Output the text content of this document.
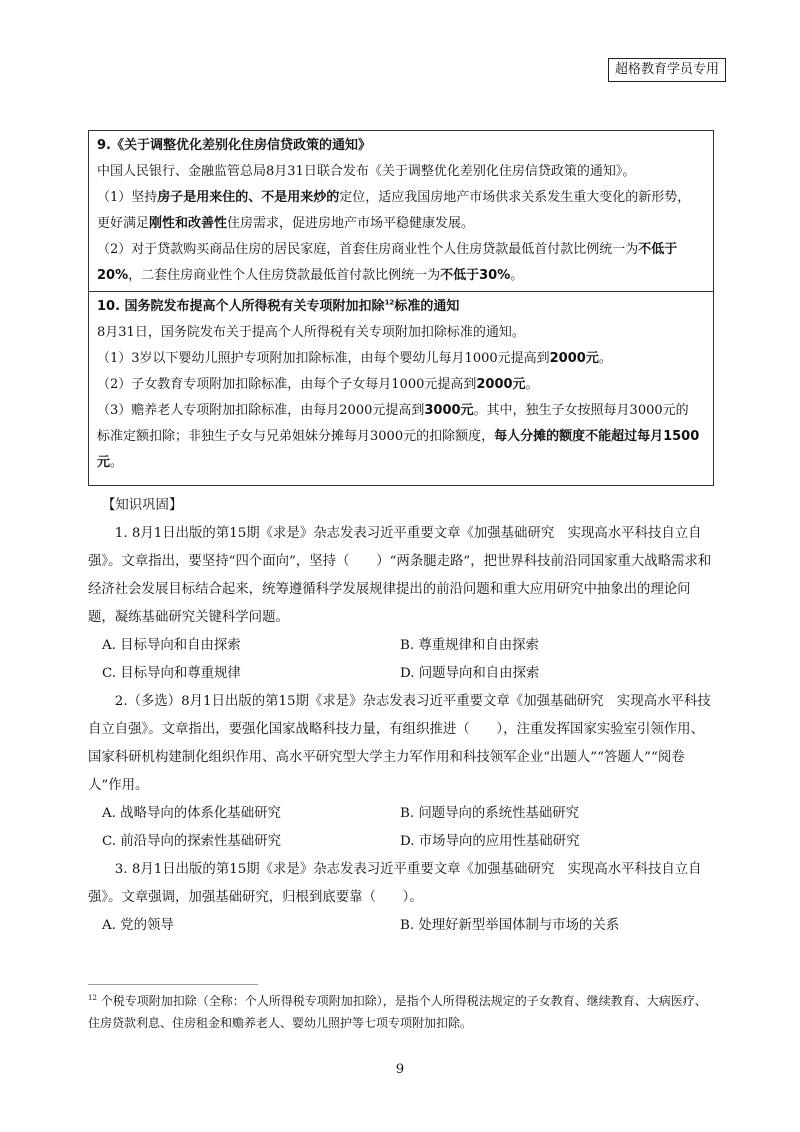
超格教育学员专用
9.《关于调整优化差别化住房信贷政策的通知》
中国人民银行、金融监管总局8月31日联合发布《关于调整优化差别化住房信贷政策的通知》。
（1）坚持房子是用来住的、不是用来炒的定位，适应我国房地产市场供求关系发生重大变化的新形势，
更好满足刚性和改善性住房需求，促进房地产市场平稳健康发展。
（2）对于贷款购买商品住房的居民家庭，首套住房商业性个人住房贷款最低首付款比例统一为不低于
20%，二套住房商业性个人住房贷款最低首付款比例统一为不低于30%。
10. 国务院发布提高个人所得税有关专项附加扣除$^{12}$标准的通知
8月31日，国务院发布关于提高个人所得税有关专项附加扣除标准的通知。
（1）3岁以下婴幼儿照护专项附加扣除标准，由每个婴幼儿每月1000元提高到2000元。
（2）子女教育专项附加扣除标准，由每个子女每月1000元提高到2000元。
（3）赡养老人专项附加扣除标准，由每月2000元提高到3000元。其中，独生子女按照每月3000元的
标准定额扣除；非独生子女与兄弟姐妹分摊每月3000元的扣除额度，每人分摊的额度不能超过每月1500
元。
【知识巩固】

1. 8月1日出版的第15期《求是》杂志发表习近平重要文章《加强基础研究　实现高水平科技自立自强》。文章指出，要坚持“四个面向”，坚持（　　）“两条腿走路”，把世界科技前沿同国家重大战略需求和经济社会发展目标结合起来，统筹遵循科学发展规律提出的前沿问题和重大应用研究中抽象出的理论问题，凝练基础研究关键科学问题。

A. 目标导向和自由探索	B. 尊重规律和自由探索
C. 目标导向和尊重规律	D. 问题导向和自由探索

2.（多选）8月1日出版的第15期《求是》杂志发表习近平重要文章《加强基础研究　实现高水平科技自立自强》。文章指出，要强化国家战略科技力量，有组织推进（　　），注重发挥国家实验室引领作用、国家科研机构建制化组织作用、高水平研究型大学主力军作用和科技领军企业“出题人”“答题人”“阅卷人”作用。

A. 战略导向的体系化基础研究	B. 问题导向的系统性基础研究
C. 前沿导向的探索性基础研究	D. 市场导向的应用性基础研究

3. 8月1日出版的第15期《求是》杂志发表习近平重要文章《加强基础研究　实现高水平科技自立自强》。文章强调，加强基础研究，归根到底要靠（　　）。

A. 党的领导	B. 处理好新型举国体制与市场的关系
$^{12}$ 个税专项附加扣除（全称：个人所得税专项附加扣除），是指个人所得税法规定的子女教育、继续教育、大病医疗、住房贷款利息、住房租金和赡养老人、婴幼儿照护等七项专项附加扣除。
9
